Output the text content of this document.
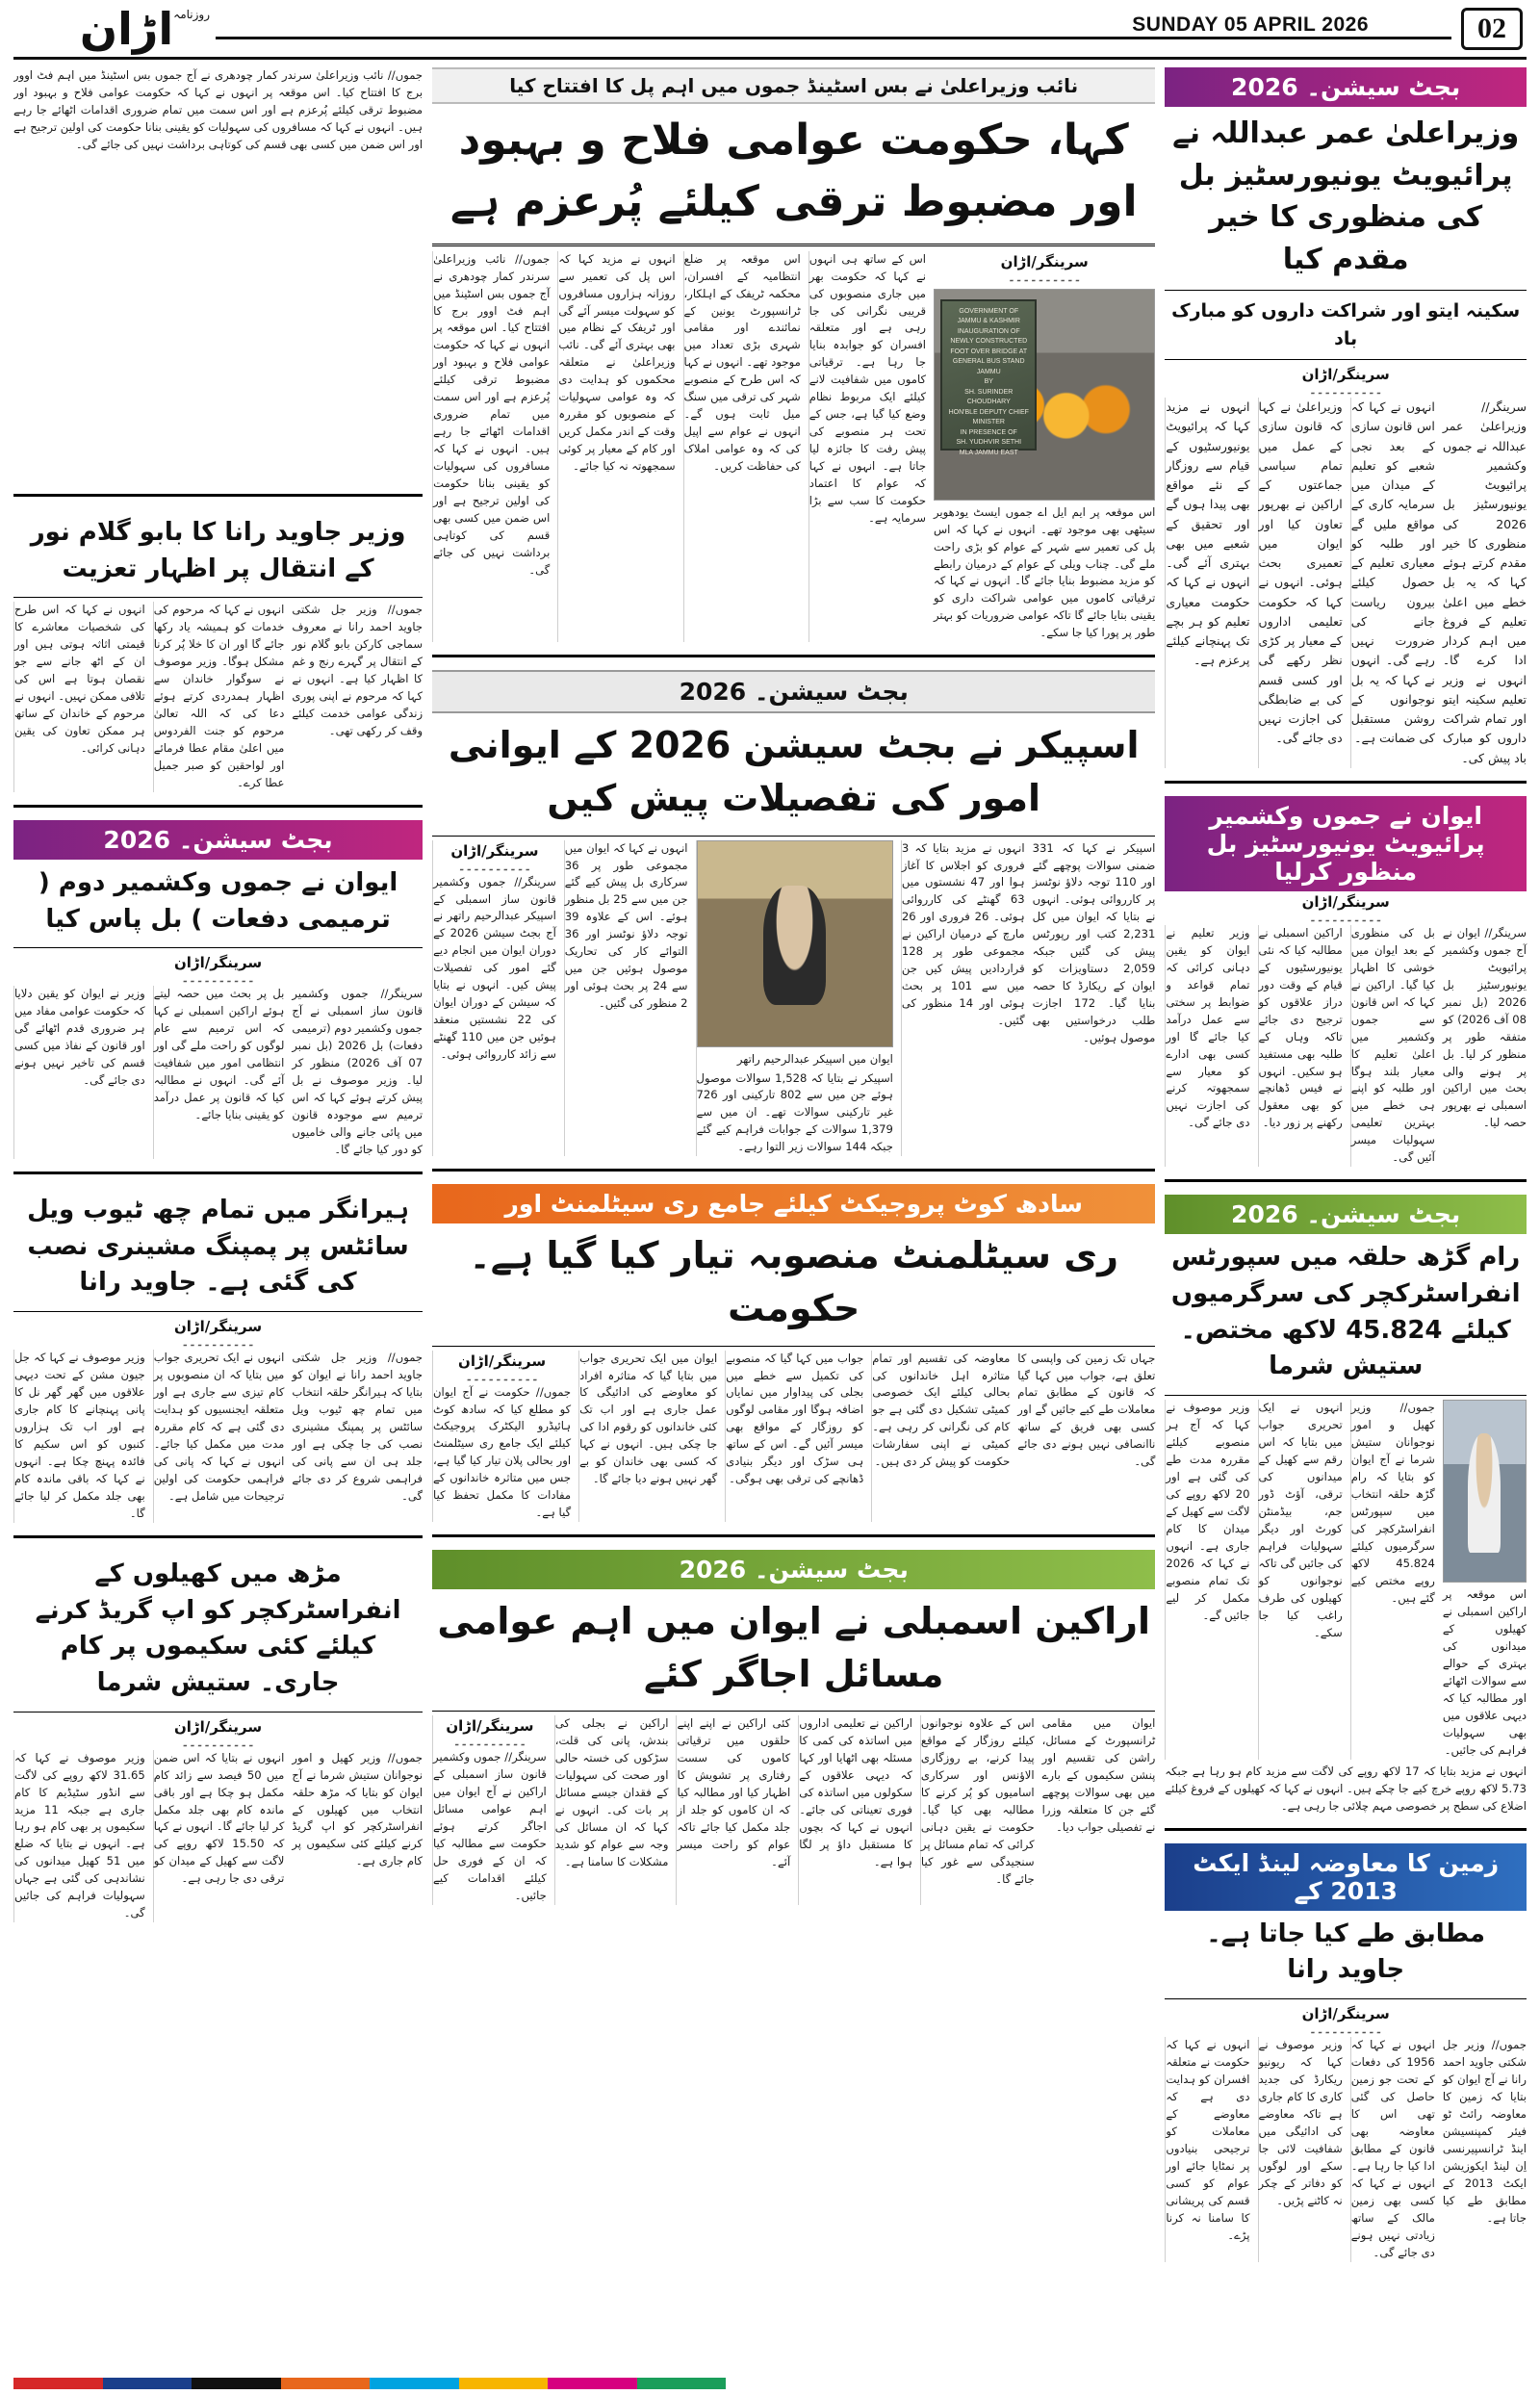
02
SUNDAY 05 APRIL 2026
روزنامہ
اڑان
بجٹ سیشن۔ 2026
وزیراعلیٰ عمر عبداللہ نے پرائیویٹ یونیورسٹیز بل کی منظوری کا خیر مقدم کیا
سکینہ ایتو اور شراکت داروں کو مبارک باد
سرینگر/اڑان
۔۔۔۔۔۔۔۔۔۔
سرینگر// وزیراعلیٰ عمر عبداللہ نے جموں وکشمیر پرائیویٹ یونیورسٹیز بل 2026 کی منظوری کا خیر مقدم کرتے ہوئے کہا کہ یہ بل خطے میں اعلیٰ تعلیم کے فروغ میں اہم کردار ادا کرے گا۔ انہوں نے وزیر تعلیم سکینہ ایتو اور تمام شراکت داروں کو مبارک باد پیش کی۔
انہوں نے کہا کہ اس قانون سازی کے بعد نجی شعبے کو تعلیم کے میدان میں سرمایہ کاری کے مواقع ملیں گے اور طلبہ کو معیاری تعلیم کے حصول کیلئے بیرون ریاست جانے کی ضرورت نہیں رہے گی۔ انہوں نے کہا کہ یہ بل نوجوانوں کے روشن مستقبل کی ضمانت ہے۔
وزیراعلیٰ نے کہا کہ قانون سازی کے عمل میں تمام سیاسی جماعتوں کے اراکین نے بھرپور تعاون کیا اور ایوان میں تعمیری بحث ہوئی۔ انہوں نے کہا کہ حکومت تعلیمی اداروں کے معیار پر کڑی نظر رکھے گی اور کسی قسم کی بے ضابطگی کی اجازت نہیں دی جائے گی۔
انہوں نے مزید کہا کہ پرائیویٹ یونیورسٹیوں کے قیام سے روزگار کے نئے مواقع بھی پیدا ہوں گے اور تحقیق کے شعبے میں بھی بہتری آئے گی۔ انہوں نے کہا کہ حکومت معیاری تعلیم کو ہر بچے تک پہنچانے کیلئے پرعزم ہے۔
ایوان نے جموں وکشمیر پرائیویٹ یونیورسٹیز بل منظور کرلیا
سرینگر/اڑان
۔۔۔۔۔۔۔۔۔۔
سرینگر// ایوان نے آج جموں وکشمیر پرائیویٹ یونیورسٹیز بل 2026 (بل نمبر 08 آف 2026) کو متفقہ طور پر منظور کر لیا۔ بل پر ہونے والی بحث میں اراکین اسمبلی نے بھرپور حصہ لیا۔
بل کی منظوری کے بعد ایوان میں خوشی کا اظہار کیا گیا۔ اراکین نے کہا کہ اس قانون سے جموں وکشمیر میں اعلیٰ تعلیم کا معیار بلند ہوگا اور طلبہ کو اپنے ہی خطے میں بہترین تعلیمی سہولیات میسر آئیں گی۔
اراکین اسمبلی نے مطالبہ کیا کہ نئی یونیورسٹیوں کے قیام کے وقت دور دراز علاقوں کو ترجیح دی جائے تاکہ وہاں کے طلبہ بھی مستفید ہو سکیں۔ انہوں نے فیس ڈھانچے کو بھی معقول رکھنے پر زور دیا۔
وزیر تعلیم نے ایوان کو یقین دہانی کرائی کہ تمام قواعد و ضوابط پر سختی سے عمل درآمد کیا جائے گا اور کسی بھی ادارے کو معیار سے سمجھوتہ کرنے کی اجازت نہیں دی جائے گی۔
بجٹ سیشن۔ 2026
رام گڑھ حلقہ میں سپورٹس انفراسٹرکچر کی سرگرمیوں کیلئے 45.824 لاکھ مختص۔ ستیش شرما
اس موقعہ پر اراکین اسمبلی نے کھیلوں کے میدانوں کی بہتری کے حوالے سے سوالات اٹھائے اور مطالبہ کیا کہ دیہی علاقوں میں بھی سہولیات فراہم کی جائیں۔
جموں// وزیر کھیل و امور نوجوانان ستیش شرما نے آج ایوان کو بتایا کہ رام گڑھ حلقہ انتخاب میں سپورٹس انفراسٹرکچر کی سرگرمیوں کیلئے 45.824 لاکھ روپے مختص کیے گئے ہیں۔
انہوں نے ایک تحریری جواب میں بتایا کہ اس رقم سے کھیل کے میدانوں کی ترقی، آؤٹ ڈور جم، بیڈمنٹن کورٹ اور دیگر سہولیات فراہم کی جائیں گی تاکہ نوجوانوں کو کھیلوں کی طرف راغب کیا جا سکے۔
وزیر موصوف نے کہا کہ آج ہر منصوبے کیلئے مقررہ مدت طے کی گئی ہے اور 20 لاکھ روپے کی لاگت سے کھیل کے میدان کا کام جاری ہے۔ انہوں نے کہا کہ 2026 تک تمام منصوبے مکمل کر لیے جائیں گے۔
انہوں نے مزید بتایا کہ 17 لاکھ روپے کی لاگت سے مزید کام ہو رہا ہے جبکہ 5.73 لاکھ روپے خرچ کیے جا چکے ہیں۔ انہوں نے کہا کہ کھیلوں کے فروغ کیلئے اضلاع کی سطح پر خصوصی مہم چلائی جا رہی ہے۔
زمین کا معاوضہ لینڈ ایکٹ 2013 کے
مطابق طے کیا جاتا ہے۔ جاوید رانا
سرینگر/اڑان
۔۔۔۔۔۔۔۔۔۔
جموں// وزیر جل شکتی جاوید احمد رانا نے آج ایوان کو بتایا کہ زمین کا معاوضہ رائٹ ٹو فیئر کمپنسیشن اینڈ ٹرانسپیرنسی اِن لینڈ ایکوزیشن ایکٹ 2013 کے مطابق طے کیا جاتا ہے۔
انہوں نے کہا کہ 1956 کی دفعات کے تحت جو زمین حاصل کی گئی تھی اس کا معاوضہ بھی قانون کے مطابق ادا کیا جا رہا ہے۔ انہوں نے کہا کہ کسی بھی زمین مالک کے ساتھ زیادتی نہیں ہونے دی جائے گی۔
وزیر موصوف نے کہا کہ ریونیو ریکارڈ کی جدید کاری کا کام جاری ہے تاکہ معاوضے کی ادائیگی میں شفافیت لائی جا سکے اور لوگوں کو دفاتر کے چکر نہ کاٹنے پڑیں۔
انہوں نے کہا کہ حکومت نے متعلقہ افسران کو ہدایت دی ہے کہ معاوضے کے معاملات کو ترجیحی بنیادوں پر نمٹایا جائے اور عوام کو کسی قسم کی پریشانی کا سامنا نہ کرنا پڑے۔
نائب وزیراعلیٰ نے بس اسٹینڈ جموں میں اہم پل کا افتتاح کیا
کہا، حکومت عوامی فلاح و بہبود اور مضبوط ترقی کیلئے پُرعزم ہے
سرینگر/اڑان
۔۔۔۔۔۔۔۔۔۔
GOVERNMENT OF JAMMU & KASHMIR
INAUGURATION OF NEWLY CONSTRUCTED
FOOT OVER BRIDGE AT GENERAL BUS STAND
JAMMU
BY
SH. SURINDER CHOUDHARY
HON'BLE DEPUTY CHIEF MINISTER
IN PRESENCE OF
SH. YUDHVIR SETHI
MLA JAMMU EAST
اس موقعہ پر ایم ایل اے جموں ایسٹ یودھویر سیٹھی بھی موجود تھے۔ انہوں نے کہا کہ اس پل کی تعمیر سے شہر کے عوام کو بڑی راحت ملے گی۔ چناب ویلی کے عوام کے درمیان رابطے کو مزید مضبوط بنایا جائے گا۔ انہوں نے کہا کہ ترقیاتی کاموں میں عوامی شراکت داری کو یقینی بنایا جائے گا تاکہ عوامی ضروریات کو بہتر طور پر پورا کیا جا سکے۔
اس کے ساتھ ہی انہوں نے کہا کہ حکومت بھر میں جاری منصوبوں کی قریبی نگرانی کی جا رہی ہے اور متعلقہ افسران کو جوابدہ بنایا جا رہا ہے۔ ترقیاتی کاموں میں شفافیت لانے کیلئے ایک مربوط نظام وضع کیا گیا ہے، جس کے تحت ہر منصوبے کی پیش رفت کا جائزہ لیا جاتا ہے۔ انہوں نے کہا کہ عوام کا اعتماد حکومت کا سب سے بڑا سرمایہ ہے۔
اس موقعہ پر ضلع انتظامیہ کے افسران، محکمہ ٹریفک کے اہلکار، ٹرانسپورٹ یونین کے نمائندے اور مقامی شہری بڑی تعداد میں موجود تھے۔ انہوں نے کہا کہ اس طرح کے منصوبے شہر کی ترقی میں سنگ میل ثابت ہوں گے۔ انہوں نے عوام سے اپیل کی کہ وہ عوامی املاک کی حفاظت کریں۔
انہوں نے مزید کہا کہ اس پل کی تعمیر سے روزانہ ہزاروں مسافروں کو سہولت میسر آئے گی اور ٹریفک کے نظام میں بھی بہتری آئے گی۔ نائب وزیراعلیٰ نے متعلقہ محکموں کو ہدایت دی کہ وہ عوامی سہولیات کے منصوبوں کو مقررہ وقت کے اندر مکمل کریں اور کام کے معیار پر کوئی سمجھوتہ نہ کیا جائے۔
جموں// نائب وزیراعلیٰ سرندر کمار چودھری نے آج جموں بس اسٹینڈ میں اہم فٹ اوور برج کا افتتاح کیا۔ اس موقعہ پر انہوں نے کہا کہ حکومت عوامی فلاح و بہبود اور مضبوط ترقی کیلئے پُرعزم ہے اور اس سمت میں تمام ضروری اقدامات اٹھائے جا رہے ہیں۔ انہوں نے کہا کہ مسافروں کی سہولیات کو یقینی بنانا حکومت کی اولین ترجیح ہے اور اس ضمن میں کسی بھی قسم کی کوتاہی برداشت نہیں کی جائے گی۔
بجٹ سیشن۔ 2026
اسپیکر نے بجٹ سیشن 2026 کے ایوانی امور کی تفصیلات پیش کیں
اسپیکر نے کہا کہ 331 ضمنی سوالات پوچھے گئے اور 110 توجہ دلاؤ نوٹسز پر کارروائی ہوئی۔ انہوں نے بتایا کہ ایوان میں کل 2,231 کتب اور رپورٹس پیش کی گئیں جبکہ 2,059 دستاویزات کو ایوان کے ریکارڈ کا حصہ بنایا گیا۔ 172 اجازت طلب درخواستیں بھی موصول ہوئیں۔
انہوں نے مزید بتایا کہ 3 فروری کو اجلاس کا آغاز ہوا اور 47 نشستوں میں 63 گھنٹے کی کارروائی ہوئی۔ 26 فروری اور 26 مارچ کے درمیان اراکین نے مجموعی طور پر 128 قراردادیں پیش کیں جن میں سے 101 پر بحث ہوئی اور 14 منظور کی گئیں۔
ایوان میں اسپیکر عبدالرحیم راتھر
اسپیکر نے بتایا کہ 1,528 سوالات موصول ہوئے جن میں سے 802 تارکینی اور 726 غیر تارکینی سوالات تھے۔ ان میں سے 1,379 سوالات کے جوابات فراہم کیے گئے جبکہ 144 سوالات زیر التوا رہے۔
انہوں نے کہا کہ ایوان میں مجموعی طور پر 36 سرکاری بل پیش کیے گئے جن میں سے 25 بل منظور ہوئے۔ اس کے علاوہ 39 توجہ دلاؤ نوٹسز اور 36 التوائے کار کی تحاریک موصول ہوئیں جن میں سے 24 پر بحث ہوئی اور 2 منظور کی گئیں۔
سرینگر/اڑان
۔۔۔۔۔۔۔۔۔۔
سرینگر// جموں وکشمیر قانون ساز اسمبلی کے اسپیکر عبدالرحیم راتھر نے آج بجٹ سیشن 2026 کے دوران ایوان میں انجام دیے گئے امور کی تفصیلات پیش کیں۔ انہوں نے بتایا کہ سیشن کے دوران ایوان کی 22 نشستیں منعقد ہوئیں جن میں 110 گھنٹے سے زائد کارروائی ہوئی۔
سادھ کوٹ پروجیکٹ کیلئے جامع ری سیٹلمنٹ اور
ری سیٹلمنٹ منصوبہ تیار کیا گیا ہے۔ حکومت
جہاں تک زمین کی واپسی کا تعلق ہے، جواب میں کہا گیا کہ قانون کے مطابق تمام معاملات طے کیے جائیں گے اور کسی بھی فریق کے ساتھ ناانصافی نہیں ہونے دی جائے گی۔
معاوضہ کی تقسیم اور تمام متاثرہ اہل خاندانوں کی بحالی کیلئے ایک خصوصی کمیٹی تشکیل دی گئی ہے جو کام کی نگرانی کر رہی ہے۔ کمیٹی نے اپنی سفارشات حکومت کو پیش کر دی ہیں۔
جواب میں کہا گیا کہ منصوبے کی تکمیل سے خطے میں بجلی کی پیداوار میں نمایاں اضافہ ہوگا اور مقامی لوگوں کو روزگار کے مواقع بھی میسر آئیں گے۔ اس کے ساتھ ہی سڑک اور دیگر بنیادی ڈھانچے کی ترقی بھی ہوگی۔
ایوان میں ایک تحریری جواب میں بتایا گیا کہ متاثرہ افراد کو معاوضے کی ادائیگی کا عمل جاری ہے اور اب تک کئی خاندانوں کو رقوم ادا کی جا چکی ہیں۔ انہوں نے کہا کہ کسی بھی خاندان کو بے گھر نہیں ہونے دیا جائے گا۔
سرینگر/اڑان
۔۔۔۔۔۔۔۔۔۔
جموں// حکومت نے آج ایوان کو مطلع کیا کہ سادھ کوٹ ہائیڈرو الیکٹرک پروجیکٹ کیلئے ایک جامع ری سیٹلمنٹ اور بحالی پلان تیار کیا گیا ہے، جس میں متاثرہ خاندانوں کے مفادات کا مکمل تحفظ کیا گیا ہے۔
بجٹ سیشن۔ 2026
اراکین اسمبلی نے ایوان میں اہم عوامی مسائل اجاگر کئے
ایوان میں مقامی ٹرانسپورٹ کے مسائل، راشن کی تقسیم اور پنشن سکیموں کے بارے میں بھی سوالات پوچھے گئے جن کا متعلقہ وزرا نے تفصیلی جواب دیا۔
اس کے علاوہ نوجوانوں کیلئے روزگار کے مواقع پیدا کرنے، بے روزگاری الاؤنس اور سرکاری اسامیوں کو پُر کرنے کا مطالبہ بھی کیا گیا۔ حکومت نے یقین دہانی کرائی کہ تمام مسائل پر سنجیدگی سے غور کیا جائے گا۔
اراکین نے تعلیمی اداروں میں اساتذہ کی کمی کا مسئلہ بھی اٹھایا اور کہا کہ دیہی علاقوں کے سکولوں میں اساتذہ کی فوری تعیناتی کی جائے۔ انہوں نے کہا کہ بچوں کا مستقبل داؤ پر لگا ہوا ہے۔
کئی اراکین نے اپنے اپنے حلقوں میں ترقیاتی کاموں کی سست رفتاری پر تشویش کا اظہار کیا اور مطالبہ کیا کہ ان کاموں کو جلد از جلد مکمل کیا جائے تاکہ عوام کو راحت میسر آئے۔
اراکین نے بجلی کی بندش، پانی کی قلت، سڑکوں کی خستہ حالی اور صحت کی سہولیات کے فقدان جیسے مسائل پر بات کی۔ انہوں نے کہا کہ ان مسائل کی وجہ سے عوام کو شدید مشکلات کا سامنا ہے۔
سرینگر/اڑان
۔۔۔۔۔۔۔۔۔۔
سرینگر// جموں وکشمیر قانون ساز اسمبلی کے اراکین نے آج ایوان میں اہم عوامی مسائل اجاگر کرتے ہوئے حکومت سے مطالبہ کیا کہ ان کے فوری حل کیلئے اقدامات کیے جائیں۔
جموں// نائب وزیراعلیٰ سرندر کمار چودھری نے آج جموں بس اسٹینڈ میں اہم فٹ اوور برج کا افتتاح کیا۔ اس موقعہ پر انہوں نے کہا کہ حکومت عوامی فلاح و بہبود اور مضبوط ترقی کیلئے پُرعزم ہے اور اس سمت میں تمام ضروری اقدامات اٹھائے جا رہے ہیں۔ انہوں نے کہا کہ مسافروں کی سہولیات کو یقینی بنانا حکومت کی اولین ترجیح ہے اور اس ضمن میں کسی بھی قسم کی کوتاہی برداشت نہیں کی جائے گی۔
وزیر جاوید رانا کا بابو گلام نور کے انتقال پر اظہار تعزیت
جموں// وزیر جل شکتی جاوید احمد رانا نے معروف سماجی کارکن بابو گلام نور کے انتقال پر گہرے رنج و غم کا اظہار کیا ہے۔ انہوں نے کہا کہ مرحوم نے اپنی پوری زندگی عوامی خدمت کیلئے وقف کر رکھی تھی۔
انہوں نے کہا کہ مرحوم کی خدمات کو ہمیشہ یاد رکھا جائے گا اور ان کا خلا پُر کرنا مشکل ہوگا۔ وزیر موصوف نے سوگوار خاندان سے اظہار ہمدردی کرتے ہوئے دعا کی کہ اللہ تعالیٰ مرحوم کو جنت الفردوس میں اعلیٰ مقام عطا فرمائے اور لواحقین کو صبر جمیل عطا کرے۔
انہوں نے کہا کہ اس طرح کی شخصیات معاشرے کا قیمتی اثاثہ ہوتی ہیں اور ان کے اٹھ جانے سے جو نقصان ہوتا ہے اس کی تلافی ممکن نہیں۔ انہوں نے مرحوم کے خاندان کے ساتھ ہر ممکن تعاون کی یقین دہانی کرائی۔
بجٹ سیشن۔ 2026
ایوان نے جموں وکشمیر دوم ( ترمیمی دفعات ) بل پاس کیا
سرینگر/اڑان
۔۔۔۔۔۔۔۔۔۔
سرینگر// جموں وکشمیر قانون ساز اسمبلی نے آج جموں وکشمیر دوم (ترمیمی دفعات) بل 2026 (بل نمبر 07 آف 2026) منظور کر لیا۔ وزیر موصوف نے بل پیش کرتے ہوئے کہا کہ اس ترمیم سے موجودہ قانون میں پائی جانے والی خامیوں کو دور کیا جائے گا۔
بل پر بحث میں حصہ لیتے ہوئے اراکین اسمبلی نے کہا کہ اس ترمیم سے عام لوگوں کو راحت ملے گی اور انتظامی امور میں شفافیت آئے گی۔ انہوں نے مطالبہ کیا کہ قانون پر عمل درآمد کو یقینی بنایا جائے۔
وزیر نے ایوان کو یقین دلایا کہ حکومت عوامی مفاد میں ہر ضروری قدم اٹھائے گی اور قانون کے نفاذ میں کسی قسم کی تاخیر نہیں ہونے دی جائے گی۔
ہیرانگر میں تمام چھ ٹیوب ویل سائٹس پر پمپنگ مشینری نصب کی گئی ہے۔ جاوید رانا
سرینگر/اڑان
۔۔۔۔۔۔۔۔۔۔
جموں// وزیر جل شکتی جاوید احمد رانا نے ایوان کو بتایا کہ ہیرانگر حلقہ انتخاب میں تمام چھ ٹیوب ویل سائٹس پر پمپنگ مشینری نصب کی جا چکی ہے اور جلد ہی ان سے پانی کی فراہمی شروع کر دی جائے گی۔
انہوں نے ایک تحریری جواب میں بتایا کہ ان منصوبوں پر کام تیزی سے جاری ہے اور متعلقہ ایجنسیوں کو ہدایت دی گئی ہے کہ کام مقررہ مدت میں مکمل کیا جائے۔ انہوں نے کہا کہ پانی کی فراہمی حکومت کی اولین ترجیحات میں شامل ہے۔
وزیر موصوف نے کہا کہ جل جیون مشن کے تحت دیہی علاقوں میں گھر گھر نل کا پانی پہنچانے کا کام جاری ہے اور اب تک ہزاروں کنبوں کو اس سکیم کا فائدہ پہنچ چکا ہے۔ انہوں نے کہا کہ باقی ماندہ کام بھی جلد مکمل کر لیا جائے گا۔
مڑھ میں کھیلوں کے انفراسٹرکچر کو اپ گریڈ کرنے کیلئے کئی سکیموں پر کام جاری۔ ستیش شرما
سرینگر/اڑان
۔۔۔۔۔۔۔۔۔۔
جموں// وزیر کھیل و امور نوجوانان ستیش شرما نے آج ایوان کو بتایا کہ مڑھ حلقہ انتخاب میں کھیلوں کے انفراسٹرکچر کو اپ گریڈ کرنے کیلئے کئی سکیموں پر کام جاری ہے۔
انہوں نے بتایا کہ اس ضمن میں 50 فیصد سے زائد کام مکمل ہو چکا ہے اور باقی ماندہ کام بھی جلد مکمل کر لیا جائے گا۔ انہوں نے کہا کہ 15.50 لاکھ روپے کی لاگت سے کھیل کے میدان کو ترقی دی جا رہی ہے۔
وزیر موصوف نے کہا کہ 31.65 لاکھ روپے کی لاگت سے انڈور سٹیڈیم کا کام جاری ہے جبکہ 11 مزید سکیموں پر بھی کام ہو رہا ہے۔ انہوں نے بتایا کہ ضلع میں 51 کھیل میدانوں کی نشاندہی کی گئی ہے جہاں سہولیات فراہم کی جائیں گی۔
